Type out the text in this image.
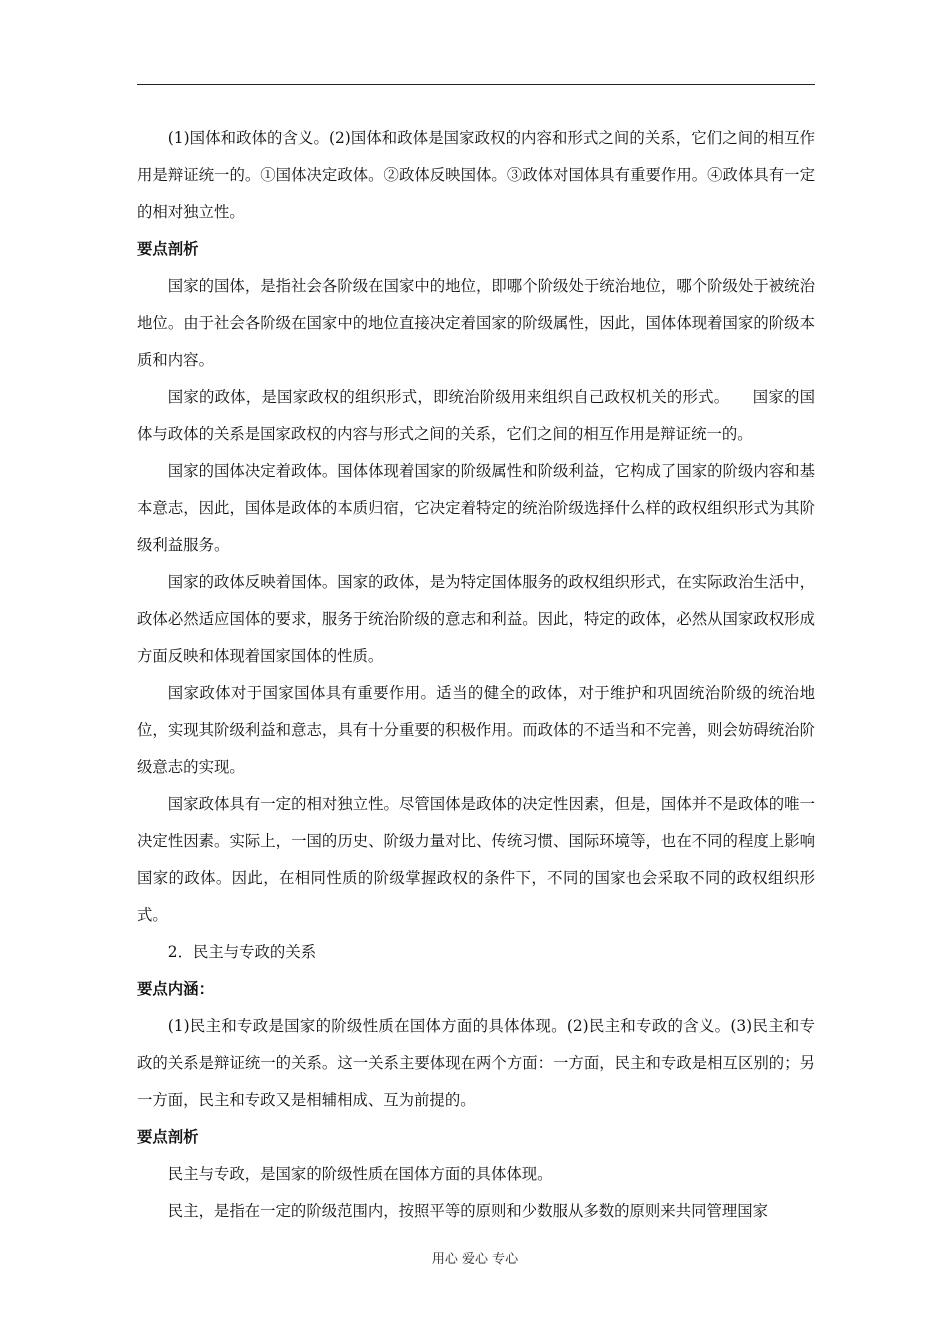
(1)国体和政体的含义。(2)国体和政体是国家政权的内容和形式之间的关系，它们之间的相互作用是辩证统一的。①国体决定政体。②政体反映国体。③政体对国体具有重要作用。④政体具有一定的相对独立性。

要点剖析

国家的国体，是指社会各阶级在国家中的地位，即哪个阶级处于统治地位，哪个阶级处于被统治地位。由于社会各阶级在国家中的地位直接决定着国家的阶级属性，因此，国体体现着国家的阶级本质和内容。

国家的政体，是国家政权的组织形式，即统治阶级用来组织自己政权机关的形式。　　国家的国体与政体的关系是国家政权的内容与形式之间的关系，它们之间的相互作用是辩证统一的。

国家的国体决定着政体。国体体现着国家的阶级属性和阶级利益，它构成了国家的阶级内容和基本意志，因此，国体是政体的本质归宿，它决定着特定的统治阶级选择什么样的政权组织形式为其阶级利益服务。

国家的政体反映着国体。国家的政体，是为特定国体服务的政权组织形式，在实际政治生活中，政体必然适应国体的要求，服务于统治阶级的意志和利益。因此，特定的政体，必然从国家政权形成方面反映和体现着国家国体的性质。

国家政体对于国家国体具有重要作用。适当的健全的政体，对于维护和巩固统治阶级的统治地位，实现其阶级利益和意志，具有十分重要的积极作用。而政体的不适当和不完善，则会妨碍统治阶级意志的实现。

国家政体具有一定的相对独立性。尽管国体是政体的决定性因素，但是，国体并不是政体的唯一决定性因素。实际上，一国的历史、阶级力量对比、传统习惯、国际环境等，也在不同的程度上影响国家的政体。因此，在相同性质的阶级掌握政权的条件下，不同的国家也会采取不同的政权组织形式。

2．民主与专政的关系

要点内涵：

(1)民主和专政是国家的阶级性质在国体方面的具体体现。(2)民主和专政的含义。(3)民主和专政的关系是辩证统一的关系。这一关系主要体现在两个方面：一方面，民主和专政是相互区别的；另一方面，民主和专政又是相辅相成、互为前提的。

要点剖析

民主与专政，是国家的阶级性质在国体方面的具体体现。

民主，是指在一定的阶级范围内，按照平等的原则和少数服从多数的原则来共同管理国家

用心 爱心 专心
